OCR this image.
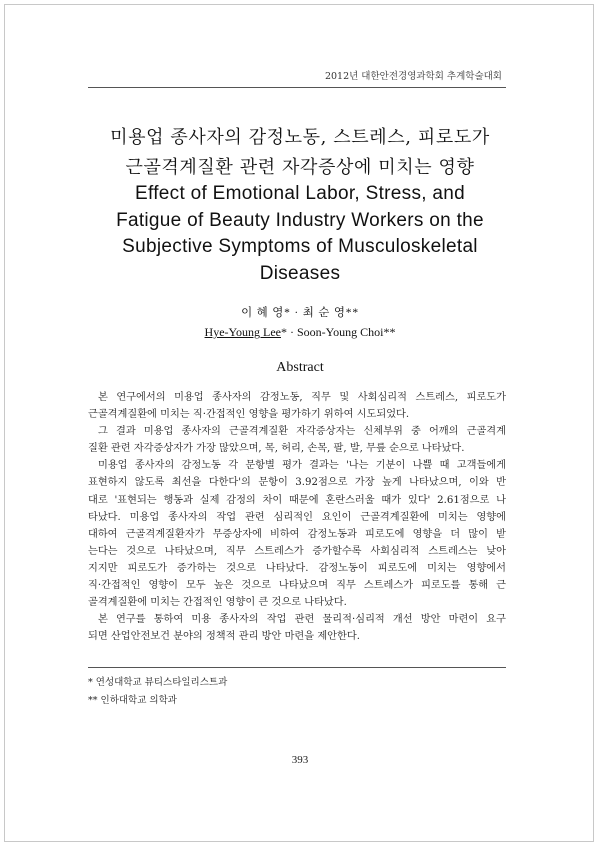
2012년 대한안전경영과학회 추계학술대회
미용업 종사자의 감정노동, 스트레스, 피로도가
근골격계질환 관련 자각증상에 미치는 영향
Effect of Emotional Labor, Stress, and
Fatigue of Beauty Industry Workers on the
Subjective Symptoms of Musculoskeletal
Diseases
이 혜 영* · 최 순 영**
Hye-Young Lee* · Soon-Young Choi**
Abstract
본 연구에서의 미용업 종사자의 감정노동, 직무 및 사회심리적 스트레스, 피로도가
근골격계질환에 미치는 직·간접적인 영향을 평가하기 위하여 시도되었다.
그 결과 미용업 종사자의 근골격계질환 자각증상자는 신체부위 중 어깨의 근골격계
질환 관련 자각증상자가 가장 많았으며, 목, 허리, 손목, 팔, 발, 무릎 순으로 나타났다.
미용업 종사자의 감정노동 각 문항별 평가 결과는 '나는 기분이 나쁠 때 고객들에게
표현하지 않도록 최선을 다한다'의 문항이 3.92점으로 가장 높게 나타났으며, 이와 반
대로 '표현되는 행동과 실제 감정의 차이 때문에 혼란스러울 때가 있다' 2.61점으로 나
타났다. 미용업 종사자의 작업 관련 심리적인 요인이 근골격계질환에 미치는 영향에
대하여 근골격계질환자가 무증상자에 비하여 감정노동과 피로도에 영향을 더 많이 받
는다는 것으로 나타났으며, 직무 스트레스가 증가할수록 사회심리적 스트레스는 낮아
지지만 피로도가 증가하는 것으로 나타났다. 감정노동이 피로도에 미치는 영향에서
직·간접적인 영향이 모두 높은 것으로 나타났으며 직무 스트레스가 피로도를 통해 근
골격계질환에 미치는 간접적인 영향이 큰 것으로 나타났다.
본 연구를 통하여 미용 종사자의 작업 관련 물리적·심리적 개선 방안 마련이 요구
되면 산업안전보건 분야의 정책적 관리 방안 마련을 제안한다.
* 연성대학교 뷰티스타일리스트과
** 인하대학교 의학과
393
